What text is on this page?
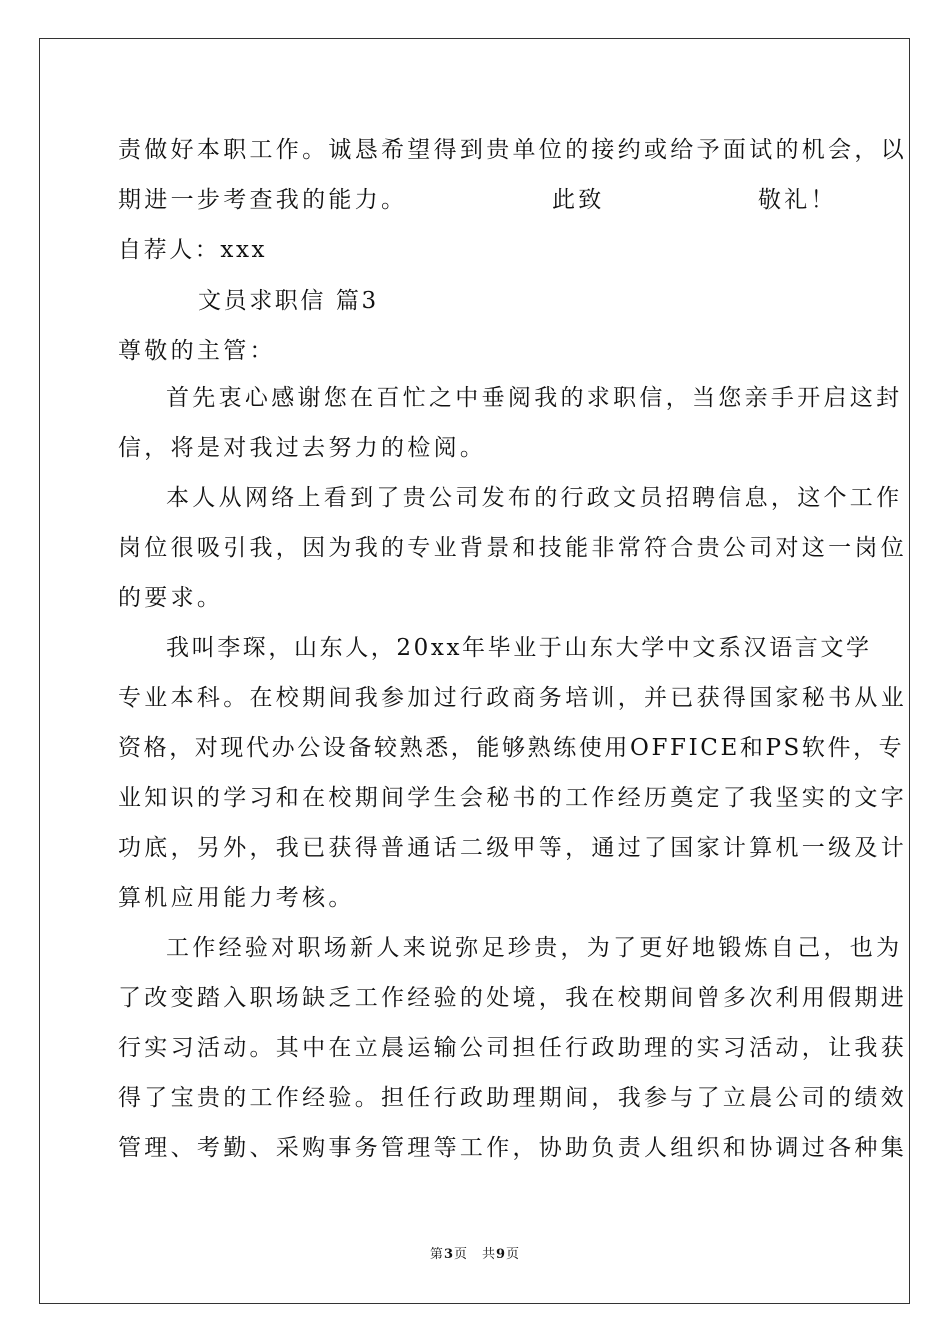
责做好本职工作。诚恳希望得到贵单位的接约或给予面试的机会，以
期进一步考查我的能力。	此致	敬礼！
自荐人：xxx
文员求职信 篇3
尊敬的主管：
首先衷心感谢您在百忙之中垂阅我的求职信，当您亲手开启这封
信，将是对我过去努力的检阅。
本人从网络上看到了贵公司发布的行政文员招聘信息，这个工作
岗位很吸引我，因为我的专业背景和技能非常符合贵公司对这一岗位
的要求。
我叫李琛，山东人，20xx年毕业于山东大学中文系汉语言文学
专业本科。在校期间我参加过行政商务培训，并已获得国家秘书从业
资格，对现代办公设备较熟悉，能够熟练使用OFFICE和PS软件，专
业知识的学习和在校期间学生会秘书的工作经历奠定了我坚实的文字
功底，另外，我已获得普通话二级甲等，通过了国家计算机一级及计
算机应用能力考核。
工作经验对职场新人来说弥足珍贵，为了更好地锻炼自己，也为
了改变踏入职场缺乏工作经验的处境，我在校期间曾多次利用假期进
行实习活动。其中在立晨运输公司担任行政助理的实习活动，让我获
得了宝贵的工作经验。担任行政助理期间，我参与了立晨公司的绩效
管理、考勤、采购事务管理等工作，协助负责人组织和协调过各种集
第3页　共9页
